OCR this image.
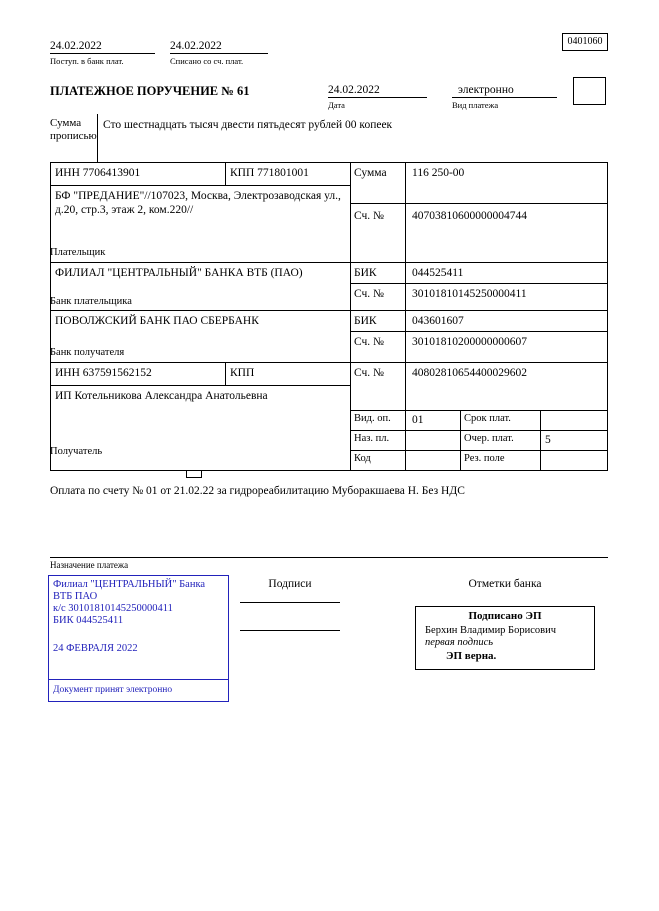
24.02.2022
Поступ. в банк плат.
24.02.2022
Списано со сч. плат.
0401060
ПЛАТЕЖНОЕ ПОРУЧЕНИЕ № 61	24.02.2022
Дата
электронно
Вид платежа
Сумма прописью
Сто шестнадцать тысяч двести пятьдесят рублей 00 копеек
ИНН 7706413901	КПП 771801001	Сумма 116 250-00
БФ "ПРЕДАНИЕ"//107023, Москва, Электрозаводская ул., д.20, стр.3, этаж 2, ком.220//	Сч. № 40703810600000004744
Плательщик
ФИЛИАЛ "ЦЕНТРАЛЬНЫЙ" БАНКА ВТБ (ПАО)	БИК	044525411
Сч. № 30101810145250000411
Банк плательщика
ПОВОЛЖСКИЙ БАНК ПАО СБЕРБАНК	БИК	043601607
Сч. № 30101810200000000607
Банк получателя
ИНН 637591562152	КПП	Сч. № 40802810654400029602
ИП Котельникова Александра Анатольевна
Получатель
Вид. оп. 01	Срок плат.
Наз. пл.	Очер. плат.	5
Код	Рез. поле
Оплата по счету № 01 от 21.02.22 за гидрореабилитацию Муборакшаева Н. Без НДС
Назначение платежа
Подписи	Отметки банка
Филиал "ЦЕНТРАЛЬНЫЙ" Банка
ВТБ ПАО
к/с 30101810145250000411
БИК 044525411
24 ФЕВРАЛЯ 2022
Документ принят электронно
Подписано ЭП
Берхин Владимир Борисович
первая подпись
ЭП верна.
